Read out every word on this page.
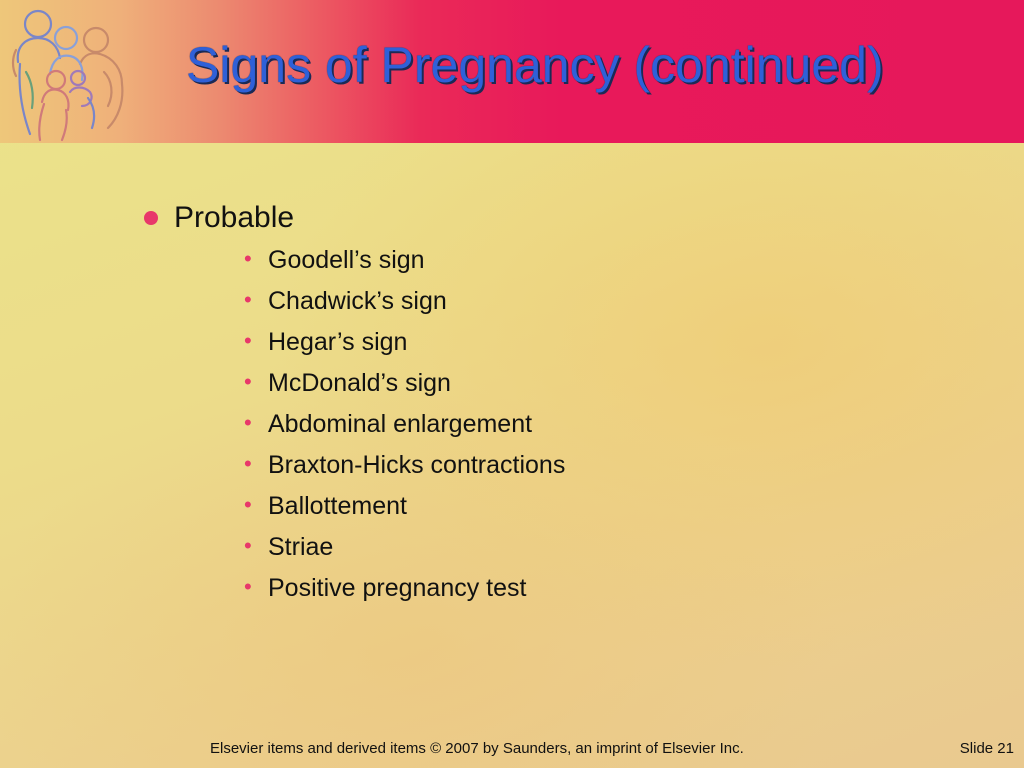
Signs of Pregnancy (continued)
Probable
• Goodell’s sign
• Chadwick’s sign
• Hegar’s sign
• McDonald’s sign
• Abdominal enlargement
• Braxton-Hicks contractions
• Ballottement
• Striae
• Positive pregnancy test
Elsevier items and derived items © 2007 by Saunders, an imprint of Elsevier Inc.	Slide 21
